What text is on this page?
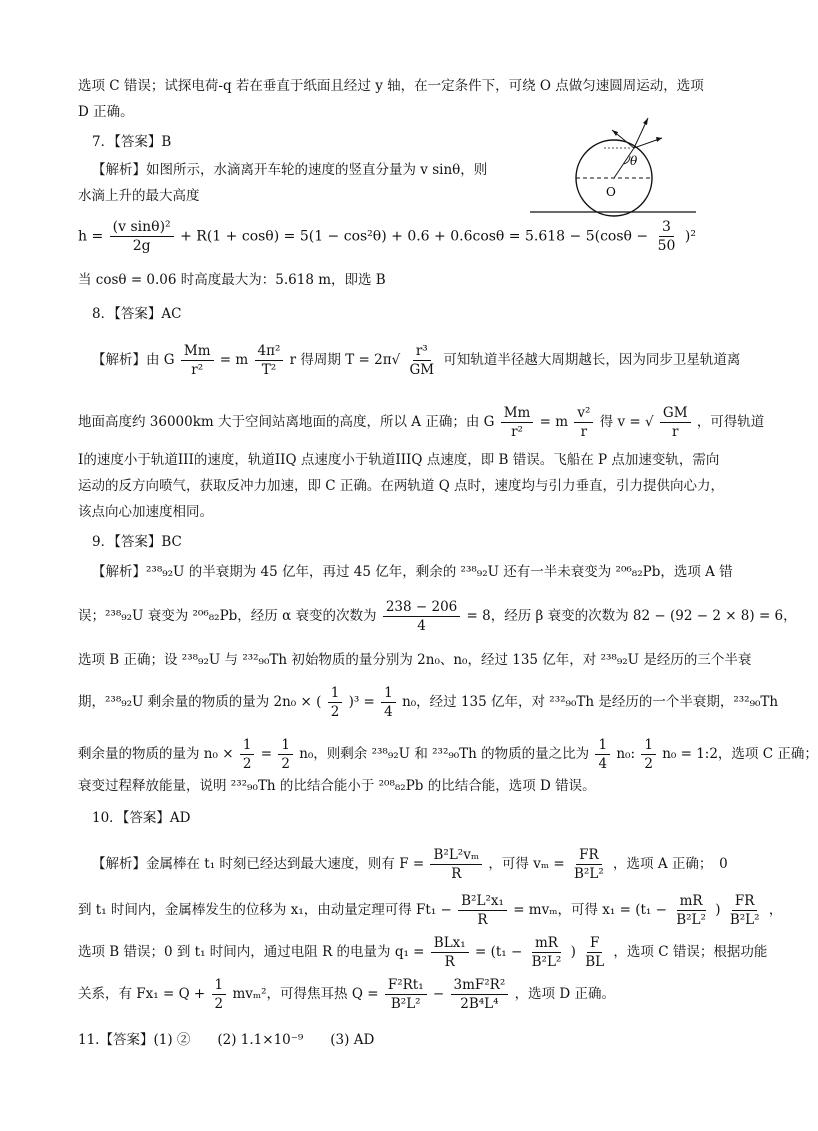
选项 C 错误；试探电荷-q 若在垂直于纸面且经过 y 轴，在一定条件下，可绕 O 点做匀速圆周运动，选项
D 正确。
7．【答案】B
【解析】如图所示，水滴离开车轮的速度的竖直分量为 v sinθ，则
水滴上升的最大高度
$h = \frac{\text{(v sinθ)²}}{2g} + R(1 + \cos\theta) = 5(1 - \cos^2\theta) + 0.6 + 0.6\cos\theta = 5.618 - 5(\cos\theta - \frac{3}{50} )^2$
当 cosθ = 0.06 时高度最大为：5.618 m，即选 B
θ
O
8．【答案】AC
【解析】由 G $\frac{Mm}{\text{r²}} = m \frac{\text{4π²}}{\text{T²}}$ r 得周期 $T = 2\pi√ \frac{\text{r³}}{GM}$ 可知轨道半径越大周期越长，因为同步卫星轨道离
地面高度约 36000km 大于空间站离地面的高度，所以 A 正确；由 G $\frac{Mm}{\text{r²}} = m \frac{\text{v²}}{r}$ 得 v = √ $\frac{GM}{r}$ ，可得轨道
I的速度小于轨道III的速度，轨道IIQ 点速度小于轨道IIIQ 点速度，即 B 错误。飞船在 P 点加速变轨，需向
运动的反方向喷气，获取反冲力加速，即 C 正确。在两轨道 Q 点时，速度均与引力垂直，引力提供向心力，
该点向心加速度相同。
9．【答案】BC
【解析】²³⁸₉₂U 的半衰期为 45 亿年，再过 45 亿年，剩余的 ²³⁸₉₂U 还有一半未衰变为 ²⁰⁶₈₂Pb，选项 A 错
误；²³⁸₉₂U 衰变为 ²⁰⁶₈₂Pb，经历 α 衰变的次数为 $\frac{238 - 206}{4} = 8$，经历 β 衰变的次数为 82 − (92 − 2 × 8) = 6，
选项 B 正确；设 ²³⁸₉₂U 与 ²³²₉₀Th 初始物质的量分别为 2n₀、n₀，经过 135 亿年，对 ²³⁸₉₂U 是经历的三个半衰
期，²³⁸₉₂U 剩余量的物质的量为 2n₀ × ( $\frac{1}{2} )^3 = \frac{1}{4} n_0$，经过 135 亿年，对 ²³²₉₀Th 是经历的一个半衰期，²³²₉₀Th
剩余量的物质的量为 $n_0 \times \frac{1}{2} = \frac{1}{2} n_0$，则剩余 ²³⁸₉₂U 和 ²³²₉₀Th 的物质的量之比为 $\frac{1}{4} n_0$: $\frac{1}{2} n_0$ = 1:2，选项 C 正确；
衰变过程释放能量，说明 ²³²₉₀Th 的比结合能小于 ²⁰⁸₈₂Pb 的比结合能，选项 D 错误。
10．【答案】AD
【解析】金属棒在 t₁ 时刻已经达到最大速度，则有 $F = \frac{\text{B²L²vₘ}}{R}$ ，可得 $v_m = \frac{FR}{\text{B²L²}}$ ，选项 A 正确；　0
到 t₁ 时间内，金属棒发生的位移为 x₁，由动量定理可得 $Ft_1 - \frac{\text{B²L²x₁}}{R} = mv_m$，可得 $x_1 = (t_1 - \frac{mR}{\text{B²L²}}$ ) $\frac{FR}{\text{B²L²}}$ ，
选项 B 错误；0 到 t₁ 时间内，通过电阻 R 的电量为 $q_1 = \frac{\text{BLx₁}}{R} = (t_1 - \frac{mR}{\text{B²L²}}$ ) $\frac{F}{BL}$ ，选项 C 错误；根据功能
关系，有 $Fx_1 = Q + \frac{1}{2} mv_m^2$，可得焦耳热 $Q = \frac{\text{F²Rt₁}}{\text{B²L²}} - \frac{\text{3mF²R²}}{\text{2B⁴L⁴}}$ ，选项 D 正确。
11.【答案】(1) ②　　(2) 1.1×10⁻⁹　　(3) AD
